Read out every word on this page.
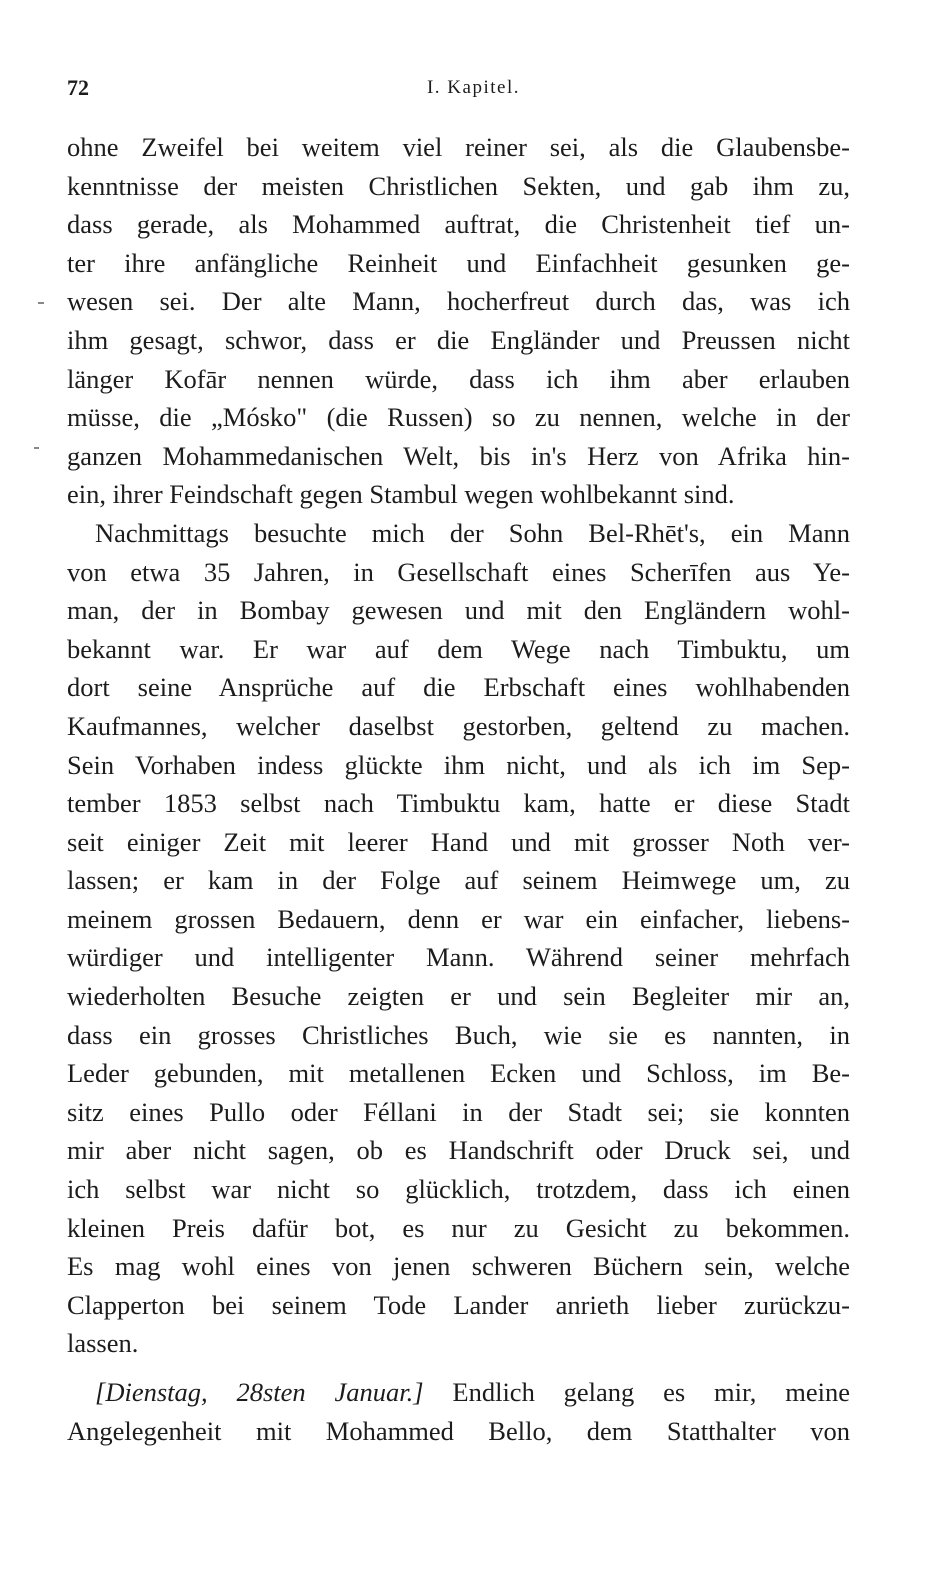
72	I. Kapitel.
ohne Zweifel bei weitem viel reiner sei, als die Glaubensbe-
kenntnisse der meisten Christlichen Sekten, und gab ihm zu,
dass gerade, als Mohammed auftrat, die Christenheit tief un-
ter ihre anfängliche Reinheit und Einfachheit gesunken ge-
wesen sei. Der alte Mann, hocherfreut durch das, was ich
ihm gesagt, schwor, dass er die Engländer und Preussen nicht
länger Kofār nennen würde, dass ich ihm aber erlauben
müsse, die „Mósko" (die Russen) so zu nennen, welche in der
ganzen Mohammedanischen Welt, bis in's Herz von Afrika hin-
ein, ihrer Feindschaft gegen Stambul wegen wohlbekannt sind.
Nachmittags besuchte mich der Sohn Bel-Rhēt's, ein Mann
von etwa 35 Jahren, in Gesellschaft eines Scherīfen aus Ye-
man, der in Bombay gewesen und mit den Engländern wohl-
bekannt war. Er war auf dem Wege nach Timbuktu, um
dort seine Ansprüche auf die Erbschaft eines wohlhabenden
Kaufmannes, welcher daselbst gestorben, geltend zu machen.
Sein Vorhaben indess glückte ihm nicht, und als ich im Sep-
tember 1853 selbst nach Timbuktu kam, hatte er diese Stadt
seit einiger Zeit mit leerer Hand und mit grosser Noth ver-
lassen; er kam in der Folge auf seinem Heimwege um, zu
meinem grossen Bedauern, denn er war ein einfacher, liebens-
würdiger und intelligenter Mann. Während seiner mehrfach
wiederholten Besuche zeigten er und sein Begleiter mir an,
dass ein grosses Christliches Buch, wie sie es nannten, in
Leder gebunden, mit metallenen Ecken und Schloss, im Be-
sitz eines Pullo oder Féllani in der Stadt sei; sie konnten
mir aber nicht sagen, ob es Handschrift oder Druck sei, und
ich selbst war nicht so glücklich, trotzdem, dass ich einen
kleinen Preis dafür bot, es nur zu Gesicht zu bekommen.
Es mag wohl eines von jenen schweren Büchern sein, welche
Clapperton bei seinem Tode Lander anrieth lieber zurückzu-
lassen.
[Dienstag, 28sten Januar.] Endlich gelang es mir, meine
Angelegenheit mit Mohammed Bello, dem Statthalter von
